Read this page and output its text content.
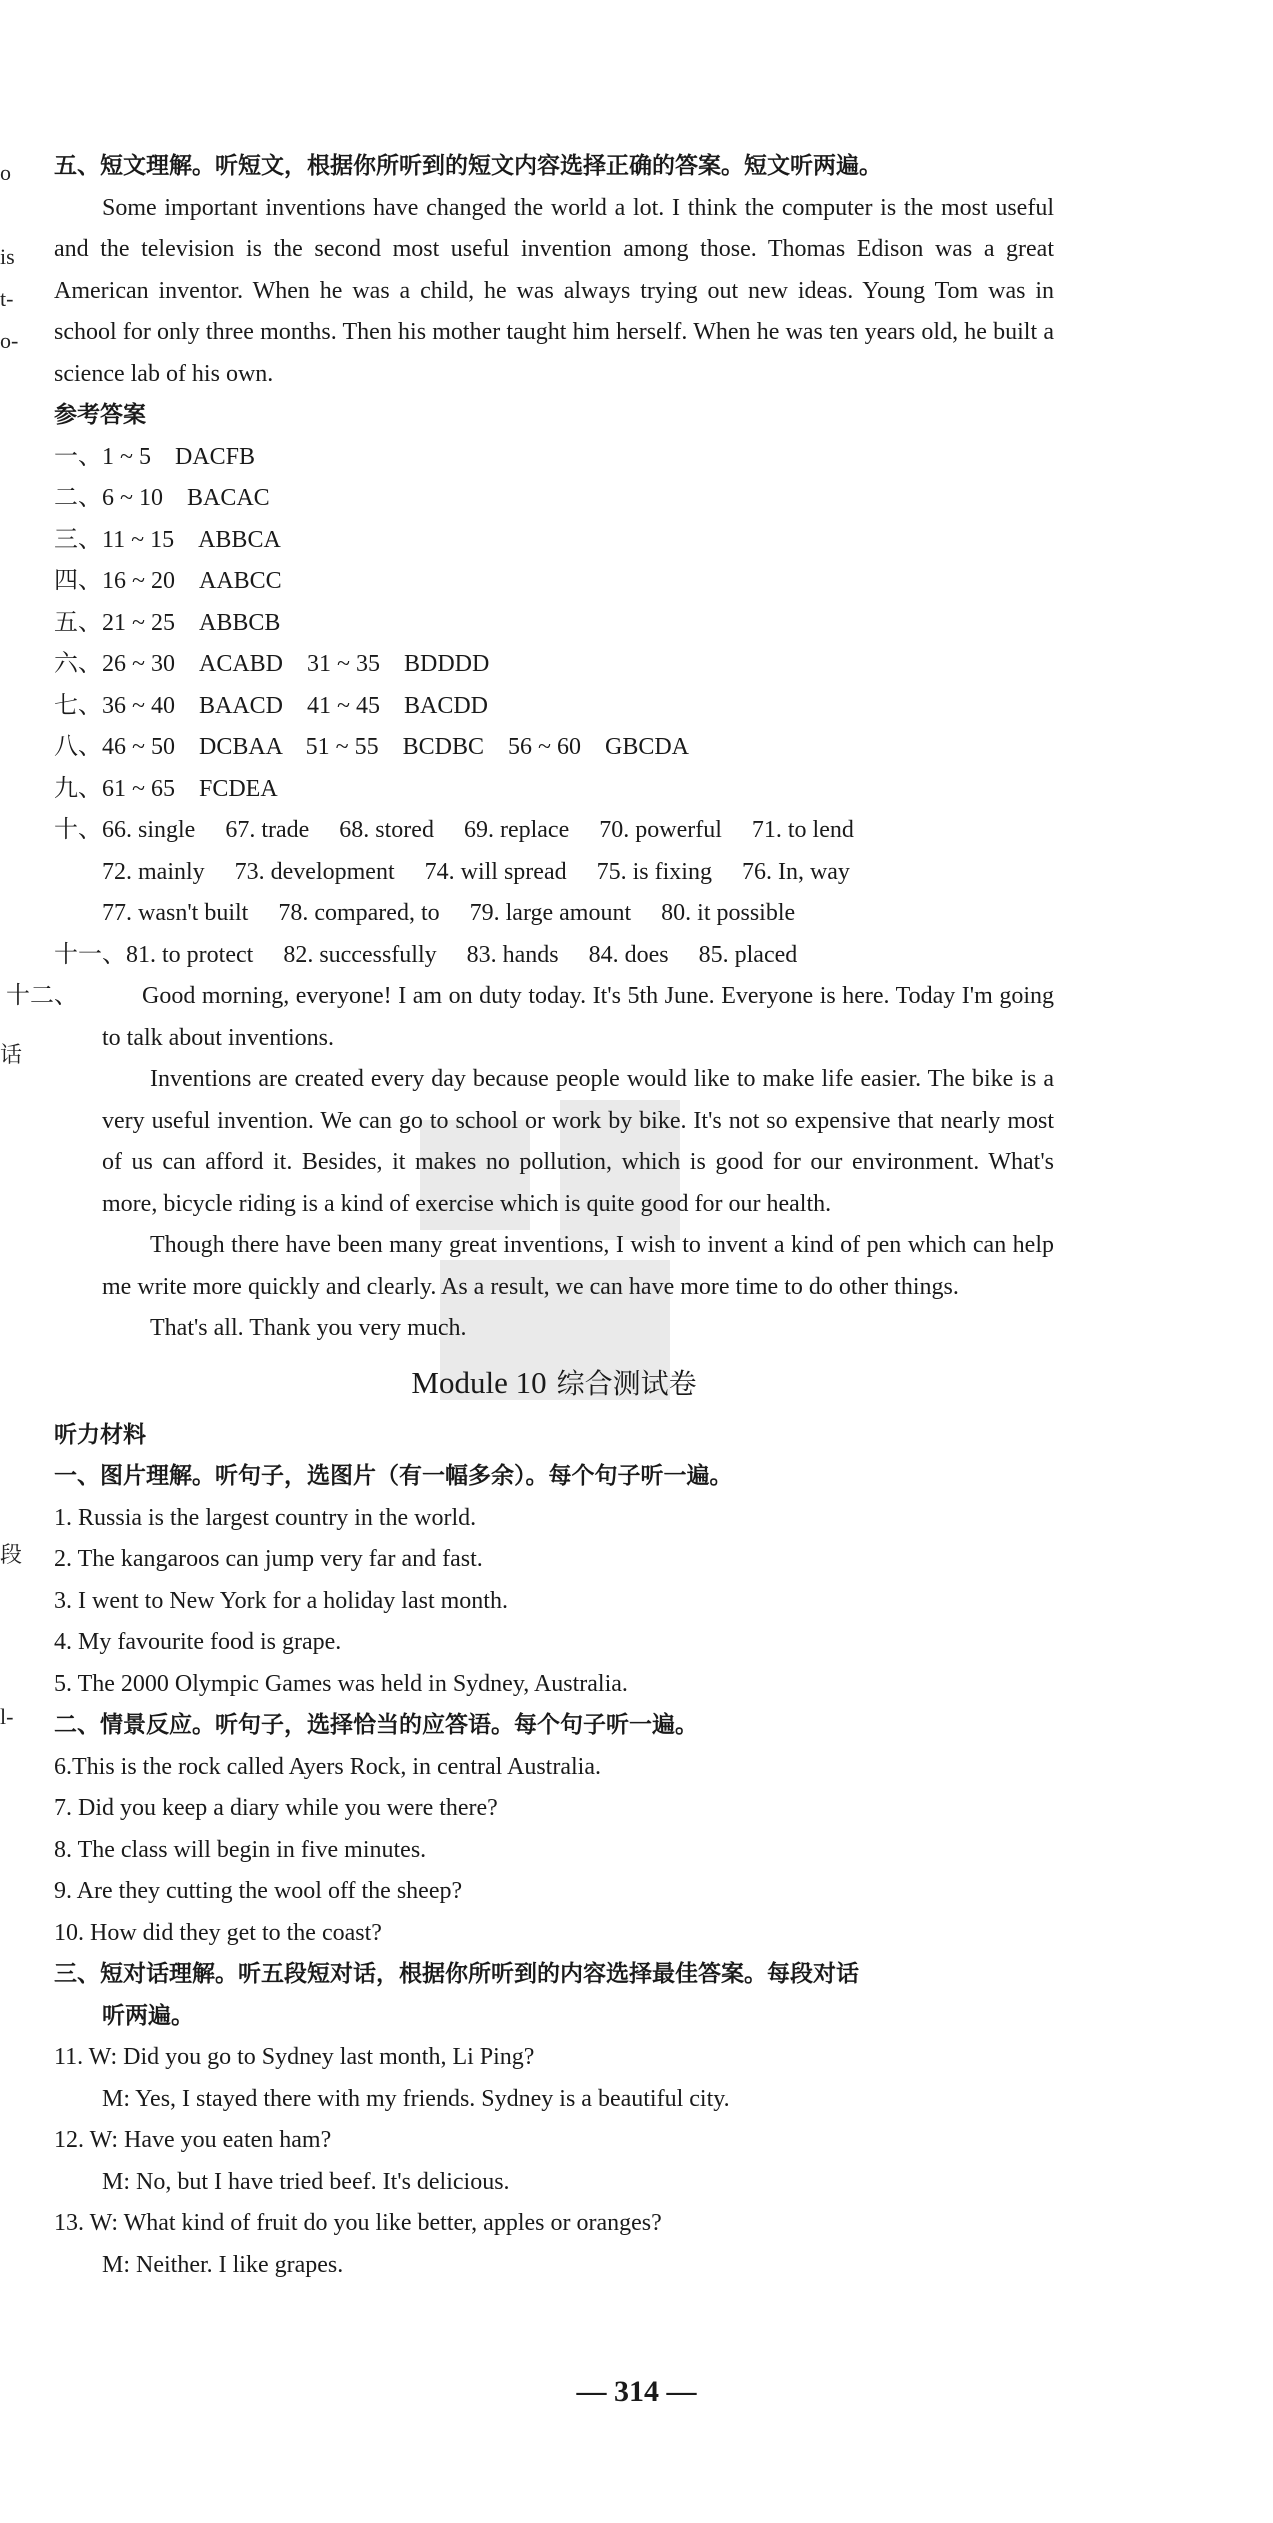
o
is
t-
o-
话
段
l-
五、短文理解。听短文，根据你所听到的短文内容选择正确的答案。短文听两遍。
Some important inventions have changed the world a lot. I think the computer is the most useful and the television is the second most useful invention among those. Thomas Edison was a great American inventor. When he was a child, he was always trying out new ideas. Young Tom was in school for only three months. Then his mother taught him herself. When he was ten years old, he built a science lab of his own.
参考答案
一、1 ~ 5　DACFB
二、6 ~ 10　BACAC
三、11 ~ 15　ABBCA
四、16 ~ 20　AABCC
五、21 ~ 25　ABBCB
六、26 ~ 30　ACABD　31 ~ 35　BDDDD
七、36 ~ 40　BAACD　41 ~ 45　BACDD
八、46 ~ 50　DCBAA　51 ~ 55　BCDBC　56 ~ 60　GBCDA
九、61 ~ 65　FCDEA
十、66. single 67. trade 68. stored 69. replace 70. powerful 71. to lend
72. mainly 73. development 74. will spread 75. is fixing 76. In, way
77. wasn't built 78. compared, to 79. large amount 80. it possible
十一、81. to protect 82. successfully 83. hands 84. does 85. placed
十二、	Good morning, everyone! I am on duty today. It's 5th June. Everyone is here. Today I'm going to talk about inventions.
Inventions are created every day because people would like to make life easier. The bike is a very useful invention. We can go to school or work by bike. It's not so expensive that nearly most of us can afford it. Besides, it makes no pollution, which is good for our environment. What's more, bicycle riding is a kind of exercise which is quite good for our health.
Though there have been many great inventions, I wish to invent a kind of pen which can help me write more quickly and clearly. As a result, we can have more time to do other things.
That's all. Thank you very much.
Module 10 综合测试卷
听力材料
一、图片理解。听句子，选图片（有一幅多余）。每个句子听一遍。
1. Russia is the largest country in the world.
2. The kangaroos can jump very far and fast.
3. I went to New York for a holiday last month.
4. My favourite food is grape.
5. The 2000 Olympic Games was held in Sydney, Australia.
二、情景反应。听句子，选择恰当的应答语。每个句子听一遍。
6.This is the rock called Ayers Rock, in central Australia.
7. Did you keep a diary while you were there?
8. The class will begin in five minutes.
9. Are they cutting the wool off the sheep?
10. How did they get to the coast?
三、短对话理解。听五段短对话，根据你所听到的内容选择最佳答案。每段对话
听两遍。
11. W: Did you go to Sydney last month, Li Ping?
M: Yes, I stayed there with my friends. Sydney is a beautiful city.
12. W: Have you eaten ham?
M: No, but I have tried beef. It's delicious.
13. W: What kind of fruit do you like better, apples or oranges?
M: Neither. I like grapes.
— 314 —
